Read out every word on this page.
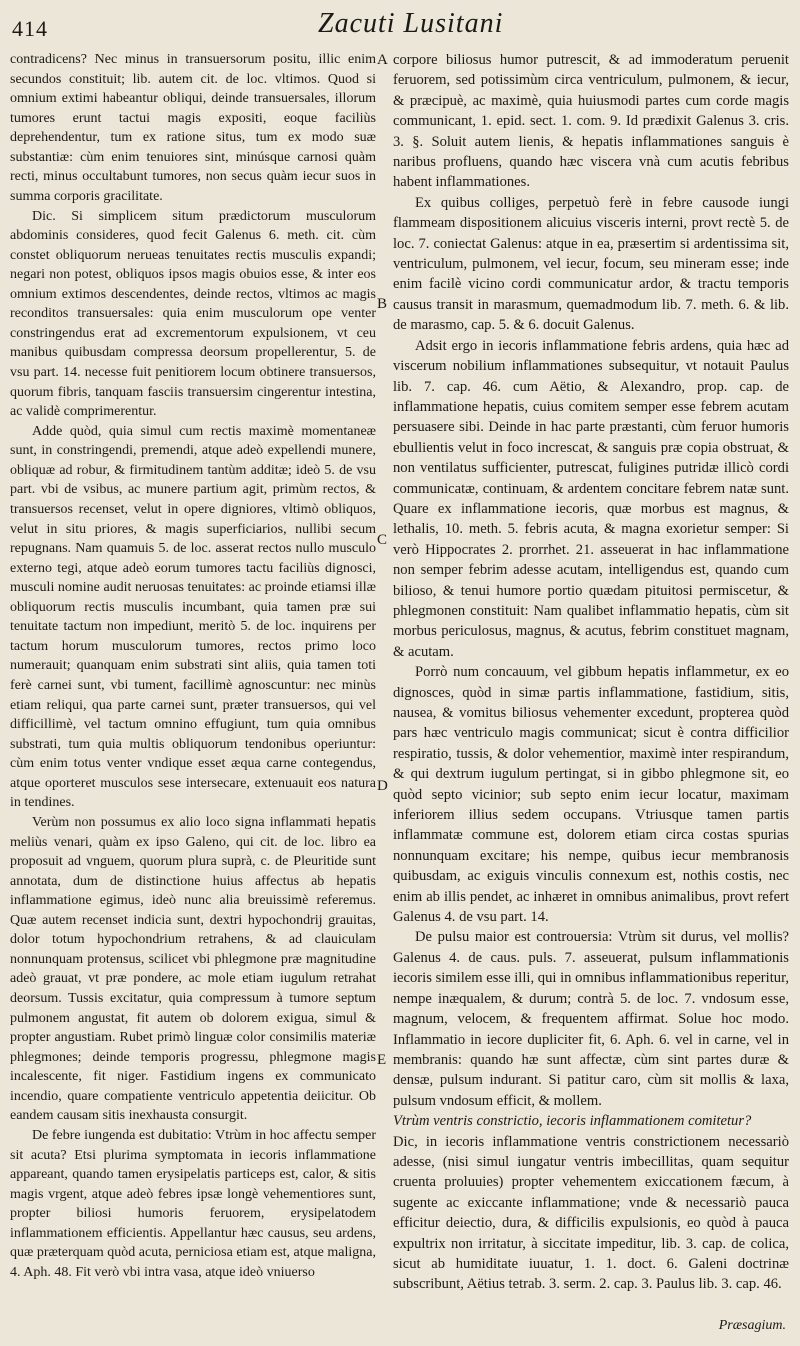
414	Zacuti Lusitani

contradicens? Nec minus in transuersorum positu, illic enim secundos constituit; lib. autem cit. de loc. vltimos. Quod si omnium extimi habeantur obliqui, deinde transuersales, illorum tumores erunt tactui magis expositi, eoque faciliùs deprehendentur, tum ex ratione situs, tum ex modo suæ substantiæ: cùm enim tenuiores sint, minúsque carnosi quàm recti, minus occultabunt tumores, non secus quàm iecur suos in summa corporis gracilitate.

Dic. Si simplicem situm prædictorum musculorum abdominis consideres, quod fecit Galenus 6. meth. cit. cùm constet obliquorum nerueas tenuitates rectis musculis expandi; negari non potest, obliquos ipsos magis obuios esse, & inter eos omnium extimos descendentes, deinde rectos, vltimos ac magis reconditos transuersales: quia enim musculorum ope venter constringendus erat ad excrementorum expulsionem, vt ceu manibus quibusdam compressa deorsum propellerentur, 5. de vsu part. 14. necesse fuit penitiorem locum obtinere transuersos, quorum fibris, tanquam fasciis transuersim cingerentur intestina, ac validè comprimerentur.

Adde quòd, quia simul cum rectis maximè momentaneæ sunt, in constringendi, premendi, atque adeò expellendi munere, obliquæ ad robur, & firmitudinem tantùm additæ; ideò 5. de vsu part. vbi de vsibus, ac munere partium agit, primùm rectos, & transuersos recenset, velut in opere digniores, vltimò obliquos, velut in situ priores, & magis superficiarios, nullibi secum repugnans. Nam quamuis 5. de loc. asserat rectos nullo musculo externo tegi, atque adeò eorum tumores tactu faciliùs dignosci, musculi nomine audit neruosas tenuitates: ac proinde etiamsi illæ obliquorum rectis musculis incumbant, quia tamen præ sui tenuitate tactum non impediunt, meritò 5. de loc. inquirens per tactum horum musculorum tumores, rectos primo loco numerauit; quanquam enim substrati sint aliis, quia tamen toti ferè carnei sunt, vbi tument, facillimè agnoscuntur: nec minùs etiam reliqui, qua parte carnei sunt, præter transuersos, qui vel difficillimè, vel tactum omnino effugiunt, tum quia omnibus substrati, tum quia multis obliquorum tendonibus operiuntur: cùm enim totus venter vndique esset æqua carne contegendus, atque oporteret musculos sese intersecare, extenuauit eos natura in tendines.

Verùm non possumus ex alio loco signa inflammati hepatis meliùs venari, quàm ex ipso Galeno, qui cit. de loc. libro ea proposuit ad vnguem, quorum plura suprà, c. de Pleuritide sunt annotata, dum de distinctione huius affectus ab hepatis inflammatione egimus, ideò nunc alia breuissimè referemus. Quæ autem recenset indicia sunt, dextri hypochondrij grauitas, dolor totum hypochondrium retrahens, & ad clauiculam nonnunquam protensus, scilicet vbi phlegmone præ magnitudine adeò grauat, vt præ pondere, ac mole etiam iugulum retrahat deorsum. Tussis excitatur, quia compressum à tumore septum pulmonem angustat, fit autem ob dolorem exigua, simul & propter angustiam. Rubet primò linguæ color consimilis materiæ phlegmones; deinde temporis progressu, phlegmone magis incalescente, fit niger. Fastidium ingens ex communicato incendio, quare compatiente ventriculo appetentia deiicitur. Ob eandem causam sitis inexhausta consurgit.

De febre iungenda est dubitatio: Vtrùm in hoc affectu semper sit acuta? Etsi plurima symptomata in iecoris inflammatione appareant, quando tamen erysipelatis particeps est, calor, & sitis magis vrgent, atque adeò febres ipsæ longè vehementiores sunt, propter biliosi humoris feruorem, erysipelatodem inflammationem efficientis. Appellantur hæc causus, seu ardens, quæ præterquam quòd acuta, perniciosa etiam est, atque maligna, 4. Aph. 48. Fit verò vbi intra vasa, atque ideò vniuerso

A
B
C
D
E

corpore biliosus humor putrescit, & ad immoderatum peruenit feruorem, sed potissimùm circa ventriculum, pulmonem, & iecur, & præcipuè, ac maximè, quia huiusmodi partes cum corde magis communicant, 1. epid. sect. 1. com. 9. Id prædixit Galenus 3. cris. 3. §. Soluit autem lienis, & hepatis inflammationes sanguis è naribus profluens, quando hæc viscera vnà cum acutis febribus habent inflammationes.

Ex quibus colliges, perpetuò ferè in febre causode iungi flammeam dispositionem alicuius visceris interni, provt rectè 5. de loc. 7. coniectat Galenus: atque in ea, præsertim si ardentissima sit, ventriculum, pulmonem, vel iecur, focum, seu mineram esse; inde enim facilè vicino cordi communicatur ardor, & tractu temporis causus transit in marasmum, quemadmodum lib. 7. meth. 6. & lib. de marasmo, cap. 5. & 6. docuit Galenus.

Adsit ergo in iecoris inflammatione febris ardens, quia hæc ad viscerum nobilium inflammationes subsequitur, vt notauit Paulus lib. 7. cap. 46. cum Aëtio, & Alexandro, prop. cap. de inflammatione hepatis, cuius comitem semper esse febrem acutam persuasere sibi. Deinde in hac parte præstanti, cùm feruor humoris ebullientis velut in foco increscat, & sanguis præ copia obstruat, & non ventilatus sufficienter, putrescat, fuligines putridæ illicò cordi communicatæ, continuam, & ardentem concitare febrem natæ sunt. Quare ex inflammatione iecoris, quæ morbus est magnus, & lethalis, 10. meth. 5. febris acuta, & magna exorietur semper: Si verò Hippocrates 2. prorrhet. 21. asseuerat in hac inflammatione non semper febrim adesse acutam, intelligendus est, quando cum bilioso, & tenui humore portio quædam pituitosi permiscetur, & phlegmonen constituit: Nam qualibet inflammatio hepatis, cùm sit morbus periculosus, magnus, & acutus, febrim constituet magnam, & acutam.

Porrò num concauum, vel gibbum hepatis inflammetur, ex eo dignosces, quòd in simæ partis inflammatione, fastidium, sitis, nausea, & vomitus biliosus vehementer excedunt, propterea quòd pars hæc ventriculo magis communicat; sicut è contra difficilior respiratio, tussis, & dolor vehementior, maximè inter respirandum, & qui dextrum iugulum pertingat, si in gibbo phlegmone sit, eo quòd septo vicinior; sub septo enim iecur locatur, maximam inferiorem illius sedem occupans. Vtriusque tamen partis inflammatæ commune est, dolorem etiam circa costas spurias nonnunquam excitare; his nempe, quibus iecur membranosis quibusdam, ac exiguis vinculis connexum est, nothis costis, nec enim ab illis pendet, ac inhæret in omnibus animalibus, provt refert Galenus 4. de vsu part. 14.

De pulsu maior est controuersia: Vtrùm sit durus, vel mollis? Galenus 4. de caus. puls. 7. asseuerat, pulsum inflammationis iecoris similem esse illi, qui in omnibus inflammationibus reperitur, nempe inæqualem, & durum; contrà 5. de loc. 7. vndosum esse, magnum, velocem, & frequentem affirmat. Solue hoc modo. Inflammatio in iecore dupliciter fit, 6. Aph. 6. vel in carne, vel in membranis: quando hæ sunt affectæ, cùm sint partes duræ & densæ, pulsum indurant. Si patitur caro, cùm sit mollis & laxa, pulsum vndosum efficit, & mollem.

Vtrùm ventris constrictio, iecoris inflammationem comitetur?

Dic, in iecoris inflammatione ventris constrictionem necessariò adesse, (nisi simul iungatur ventris imbecillitas, quam sequitur cruenta proluuies) propter vehementem exiccationem fæcum, à sugente ac exiccante inflammatione; vnde & necessariò pauca efficitur deiectio, dura, & difficilis expulsionis, eo quòd à pauca expultrix non irritatur, à siccitate impeditur, lib. 3. cap. de colica, sicut ab humiditate iuuatur, 1. 1. doct. 6. Galeni doctrinæ subscribunt, Aëtius tetrab. 3. serm. 2. cap. 3. Paulus lib. 3. cap. 46.

Præsagium.
